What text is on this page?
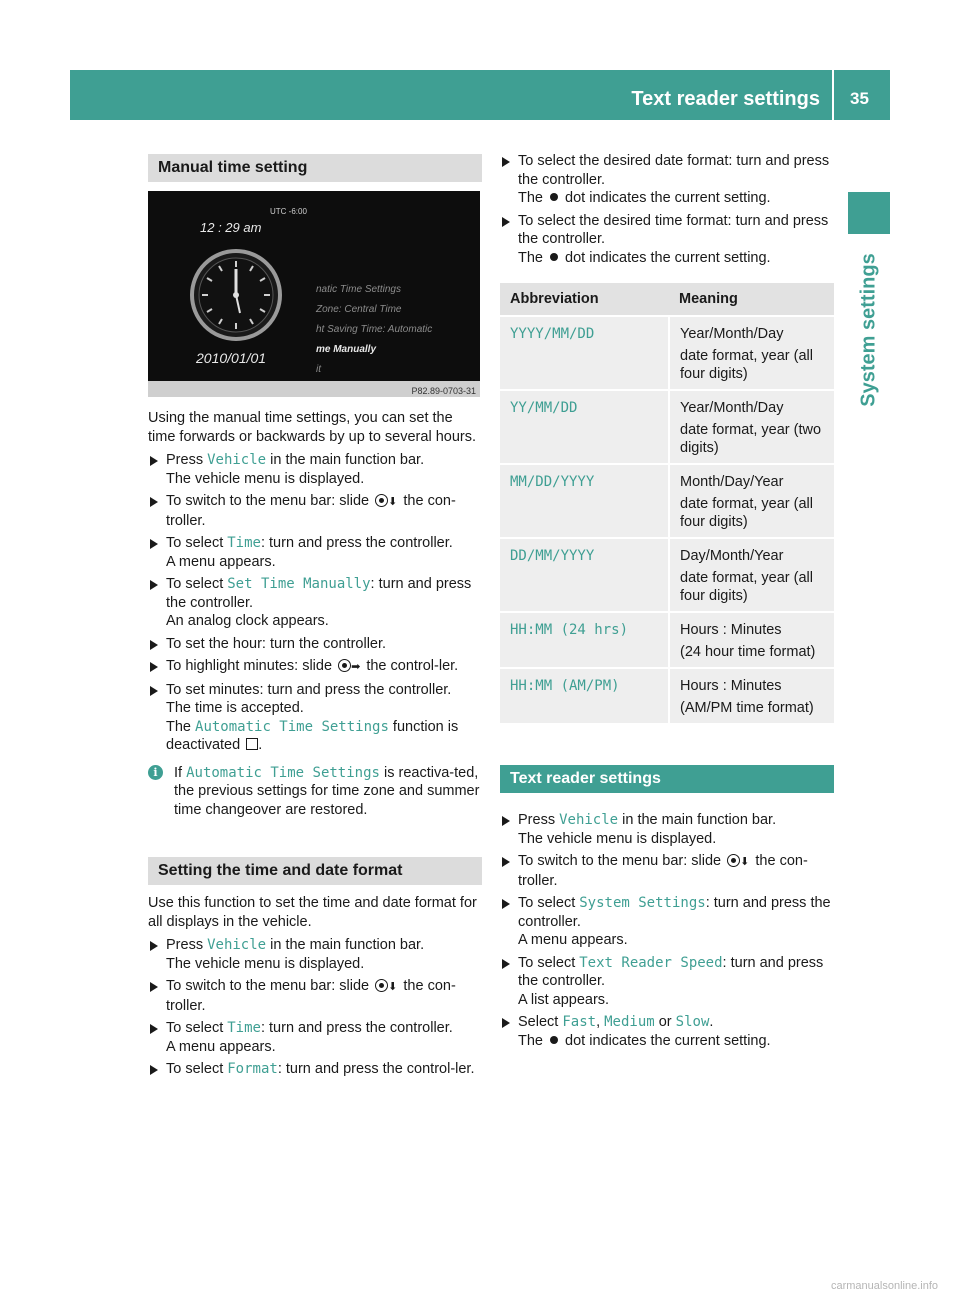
Text reader settings 35
System settings
Manual time setting
UTC -6:00
12 : 29 am
2010/01/01
natic Time Settings
Zone: Central Time
ht Saving Time: Automatic
me Manually
it
P82.89-0703-31

Using the manual time settings, you can set the time forwards or backwards by up to several hours.

Press Vehicle in the main function bar.
The vehicle menu is displayed.
To switch to the menu bar: slide ⬇ the con-troller.
To select Time: turn and press the controller.
A menu appears.
To select Set Time Manually: turn and press the controller.
An analog clock appears.
To set the hour: turn the controller.
To highlight minutes: slide ➡ the control-ler.
To set minutes: turn and press the controller.
The time is accepted.
The Automatic Time Settings function is deactivated .
i	If Automatic Time Settings is reactiva-ted, the previous settings for time zone and summer time changeover are restored.
Setting the time and date format

Use this function to set the time and date format for all displays in the vehicle.

Press Vehicle in the main function bar.
The vehicle menu is displayed.
To switch to the menu bar: slide ⬇ the con-troller.
To select Time: turn and press the controller.
A menu appears.
To select Format: turn and press the control-ler.
To select the desired date format: turn and press the controller.
The  dot indicates the current setting.
To select the desired time format: turn and press the controller.
The  dot indicates the current setting.
Abbreviation	Meaning
YYYY/MM/DD	Year/Month/Day
date format, year (all four digits)

YY/MM/DD	Year/Month/Day
date format, year (two digits)

MM/DD/YYYY	Month/Day/Year
date format, year (all four digits)

DD/MM/YYYY	Day/Month/Year
date format, year (all four digits)

HH:MM (24 hrs)	Hours : Minutes
(24 hour time format)

HH:MM (AM/PM)	Hours : Minutes
(AM/PM time format)
Text reader settings
Press Vehicle in the main function bar.
The vehicle menu is displayed.
To switch to the menu bar: slide ⬇ the con-troller.
To select System Settings: turn and press the controller.
A menu appears.
To select Text Reader Speed: turn and press the controller.
A list appears.
Select Fast, Medium or Slow.
The  dot indicates the current setting.
carmanualsonline.info
